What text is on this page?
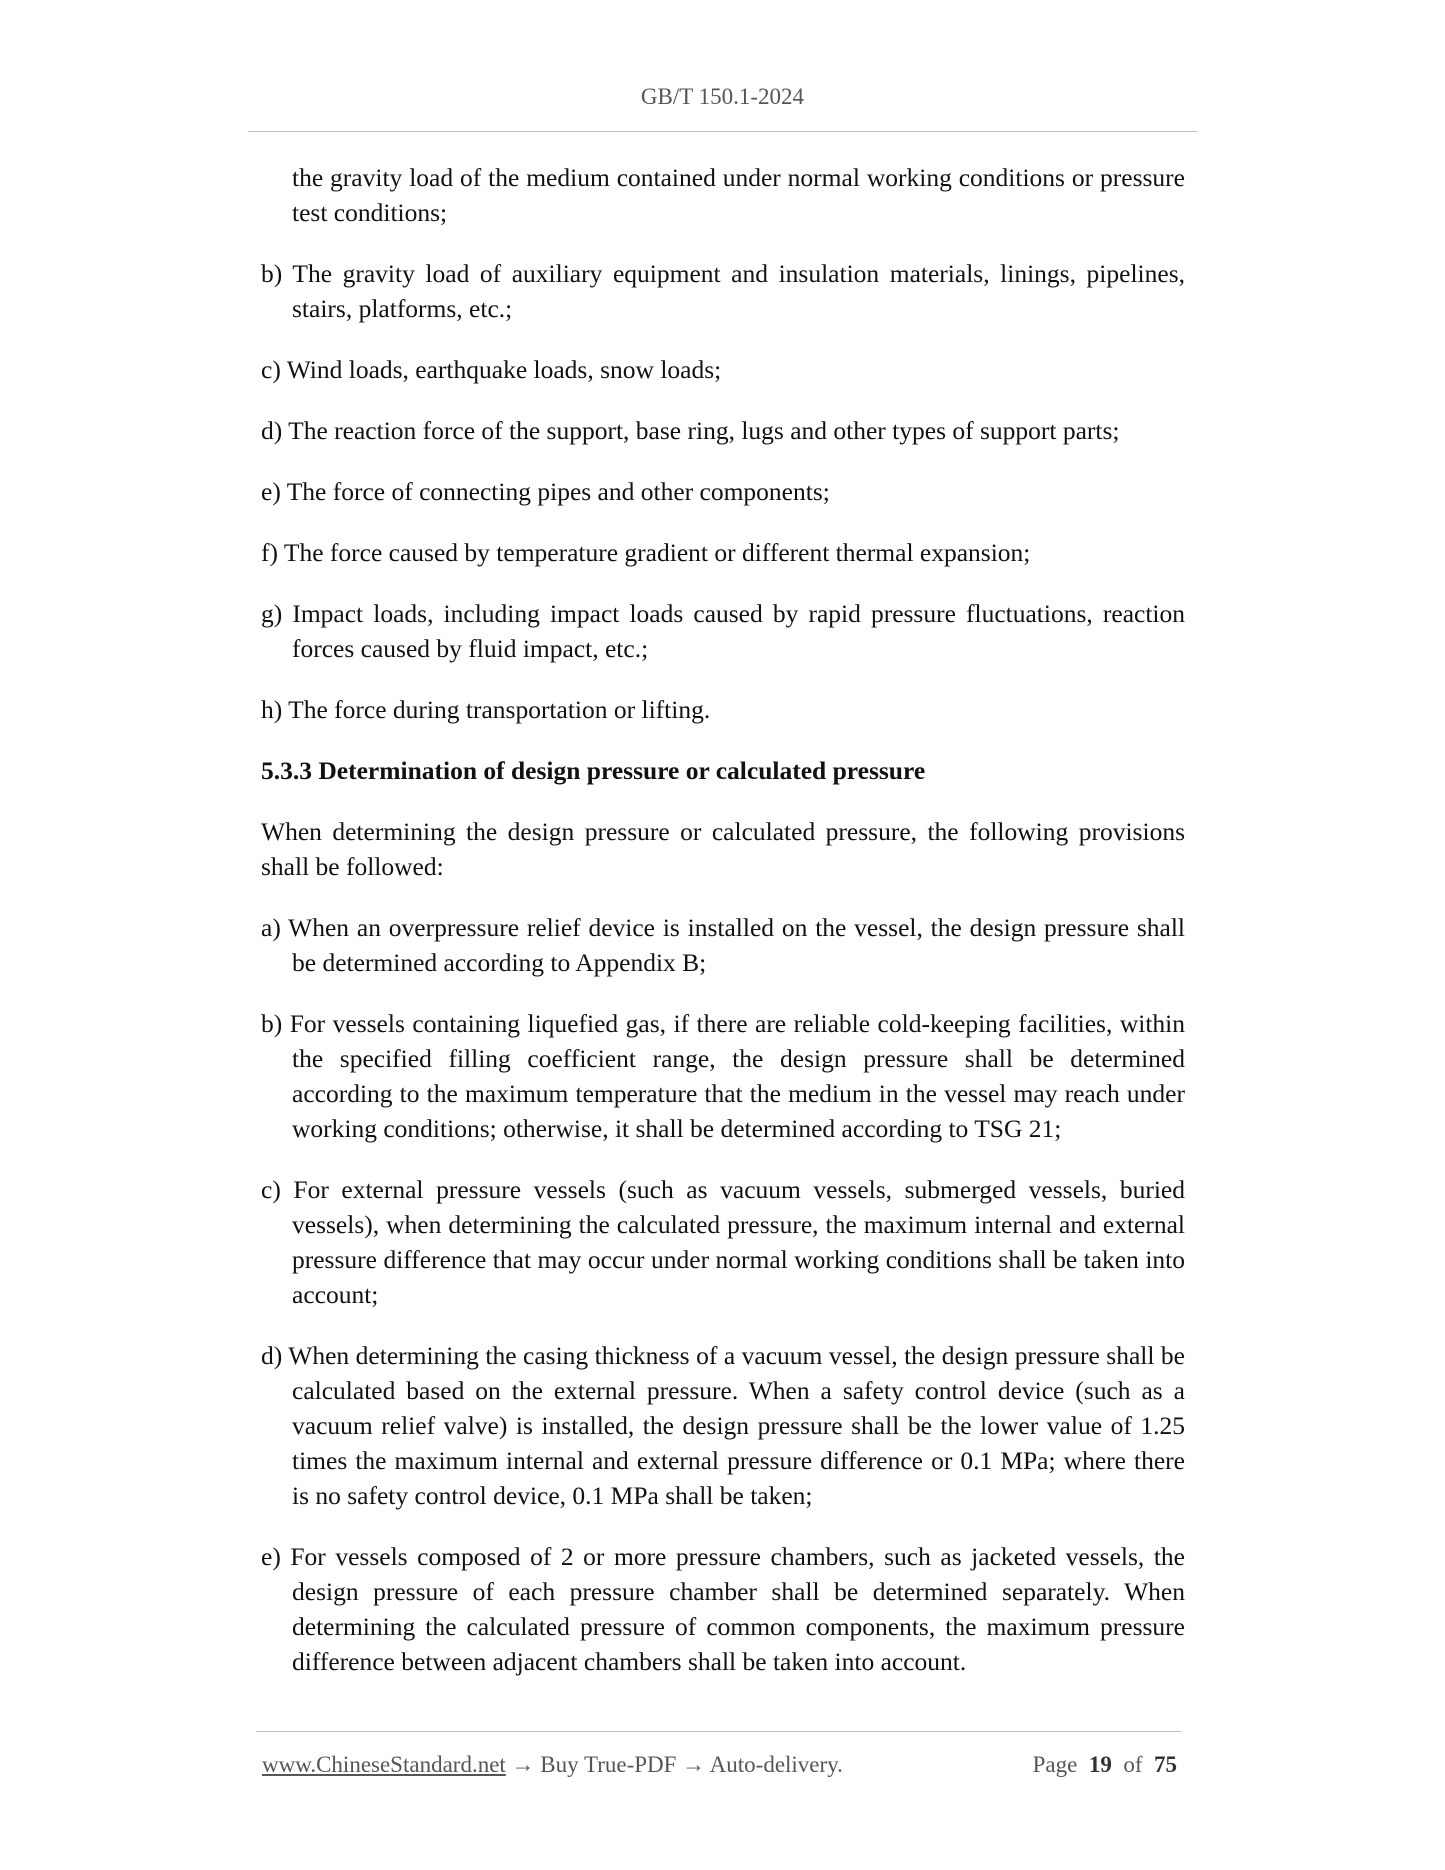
GB/T 150.1-2024

the gravity load of the medium contained under normal working conditions or pressure test conditions;

b) The gravity load of auxiliary equipment and insulation materials, linings, pipelines, stairs, platforms, etc.;

c) Wind loads, earthquake loads, snow loads;

d) The reaction force of the support, base ring, lugs and other types of support parts;

e) The force of connecting pipes and other components;

f) The force caused by temperature gradient or different thermal expansion;

g) Impact loads, including impact loads caused by rapid pressure fluctuations, reaction forces caused by fluid impact, etc.;

h) The force during transportation or lifting.

5.3.3 Determination of design pressure or calculated pressure

When determining the design pressure or calculated pressure, the following provisions shall be followed:

a) When an overpressure relief device is installed on the vessel, the design pressure shall be determined according to Appendix B;

b) For vessels containing liquefied gas, if there are reliable cold-keeping facilities, within the specified filling coefficient range, the design pressure shall be determined according to the maximum temperature that the medium in the vessel may reach under working conditions; otherwise, it shall be determined according to TSG 21;

c) For external pressure vessels (such as vacuum vessels, submerged vessels, buried vessels), when determining the calculated pressure, the maximum internal and external pressure difference that may occur under normal working conditions shall be taken into account;

d) When determining the casing thickness of a vacuum vessel, the design pressure shall be calculated based on the external pressure. When a safety control device (such as a vacuum relief valve) is installed, the design pressure shall be the lower value of 1.25 times the maximum internal and external pressure difference or 0.1 MPa; where there is no safety control device, 0.1 MPa shall be taken;

e) For vessels composed of 2 or more pressure chambers, such as jacketed vessels, the design pressure of each pressure chamber shall be determined separately. When determining the calculated pressure of common components, the maximum pressure difference between adjacent chambers shall be taken into account.

www.ChineseStandard.net → Buy True-PDF → Auto-delivery.	Page 19 of 75
